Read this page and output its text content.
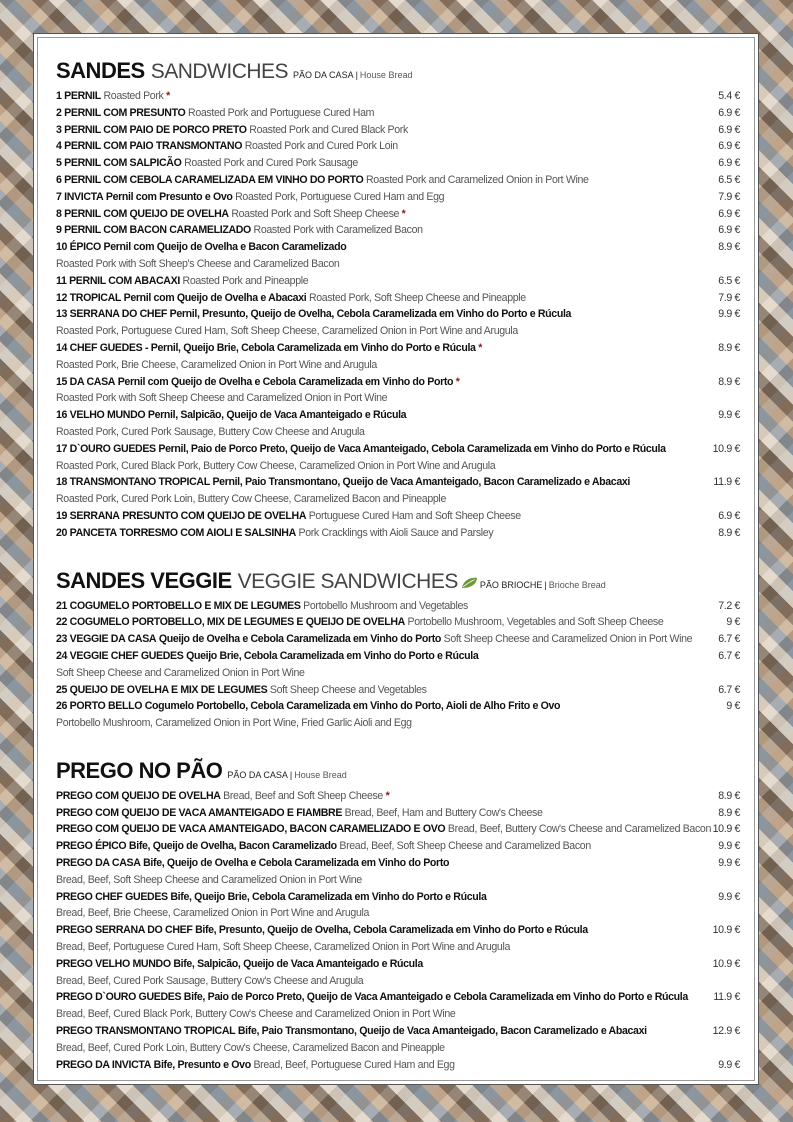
SANDES SANDWICHES PÃO DA CASA | House Bread
1 PERNIL Roasted Pork *	5.4 €
2 PERNIL COM PRESUNTO Roasted Pork and Portuguese Cured Ham	6.9 €
3 PERNIL COM PAIO DE PORCO PRETO Roasted Pork and Cured Black Pork	6.9 €
4 PERNIL COM PAIO TRANSMONTANO Roasted Pork and Cured Pork Loin	6.9 €
5 PERNIL COM SALPICÃO Roasted Pork and Cured Pork Sausage	6.9 €
6 PERNIL COM CEBOLA CARAMELIZADA EM VINHO DO PORTO Roasted Pork and Caramelized Onion in Port Wine	6.5 €
7 INVICTA Pernil com Presunto e Ovo Roasted Pork, Portuguese Cured Ham and Egg	7.9 €
8 PERNIL COM QUEIJO DE OVELHA Roasted Pork and Soft Sheep Cheese *	6.9 €
9 PERNIL COM BACON CARAMELIZADO Roasted Pork with Caramelized Bacon	6.9 €
10 ÉPICO Pernil com Queijo de Ovelha e Bacon Caramelizado	8.9 €
Roasted Pork with Soft Sheep's Cheese and Caramelized Bacon
11 PERNIL COM ABACAXI Roasted Pork and Pineapple	6.5 €
12 TROPICAL Pernil com Queijo de Ovelha e Abacaxi Roasted Pork, Soft Sheep Cheese and Pineapple	7.9 €
13 SERRANA DO CHEF Pernil, Presunto, Queijo de Ovelha, Cebola Caramelizada em Vinho do Porto e Rúcula	9.9 €
Roasted Pork, Portuguese Cured Ham, Soft Sheep Cheese, Caramelized Onion in Port Wine and Arugula
14 CHEF GUEDES - Pernil, Queijo Brie, Cebola Caramelizada em Vinho do Porto e Rúcula *	8.9 €
Roasted Pork, Brie Cheese, Caramelized Onion in Port Wine and Arugula
15 DA CASA Pernil com Queijo de Ovelha e Cebola Caramelizada em Vinho do Porto *	8.9 €
Roasted Pork with Soft Sheep Cheese and Caramelized Onion in Port Wine
16 VELHO MUNDO Pernil, Salpicão, Queijo de Vaca Amanteigado e Rúcula	9.9 €
Roasted Pork, Cured Pork Sausage, Buttery Cow Cheese and Arugula
17 D`OURO GUEDES Pernil, Paio de Porco Preto, Queijo de Vaca Amanteigado, Cebola Caramelizada em Vinho do Porto e Rúcula	10.9 €
Roasted Pork, Cured Black Pork, Buttery Cow Cheese, Caramelized Onion in Port Wine and Arugula
18 TRANSMONTANO TROPICAL Pernil, Paio Transmontano, Queijo de Vaca Amanteigado, Bacon Caramelizado e Abacaxi	11.9 €
Roasted Pork, Cured Pork Loin, Buttery Cow Cheese, Caramelized Bacon and Pineapple
19 SERRANA PRESUNTO COM QUEIJO DE OVELHA Portuguese Cured Ham and Soft Sheep Cheese	6.9 €
20 PANCETA TORRESMO COM AIOLI E SALSINHA Pork Cracklings with Aioli Sauce and Parsley	8.9 €
SANDES VEGGIE VEGGIE SANDWICHES PÃO BRIOCHE | Brioche Bread
21 COGUMELO PORTOBELLO E MIX DE LEGUMES Portobello Mushroom and Vegetables	7.2 €
22 COGUMELO PORTOBELLO, MIX DE LEGUMES E QUEIJO DE OVELHA Portobello Mushroom, Vegetables and Soft Sheep Cheese	9 €
23 VEGGIE DA CASA Queijo de Ovelha e Cebola Caramelizada em Vinho do Porto Soft Sheep Cheese and Caramelized Onion in Port Wine	6.7 €
24 VEGGIE CHEF GUEDES Queijo Brie, Cebola Caramelizada em Vinho do Porto e Rúcula	6.7 €
Soft Sheep Cheese and Caramelized Onion in Port Wine
25 QUEIJO DE OVELHA E MIX DE LEGUMES Soft Sheep Cheese and Vegetables	6.7 €
26 PORTO BELLO Cogumelo Portobello, Cebola Caramelizada em Vinho do Porto, Aioli de Alho Frito e Ovo	9 €
Portobello Mushroom, Caramelized Onion in Port Wine, Fried Garlic Aioli and Egg
PREGO NO PÃO PÃO DA CASA | House Bread
PREGO COM QUEIJO DE OVELHA Bread, Beef and Soft Sheep Cheese *	8.9 €
PREGO COM QUEIJO DE VACA AMANTEIGADO E FIAMBRE Bread, Beef, Ham and Buttery Cow's Cheese	8.9 €
PREGO COM QUEIJO DE VACA AMANTEIGADO, BACON CARAMELIZADO E OVO Bread, Beef, Buttery Cow's Cheese and Caramelized Bacon 10.9 €
PREGO ÉPICO Bife, Queijo de Ovelha, Bacon Caramelizado Bread, Beef, Soft Sheep Cheese and Caramelized Bacon	9.9 €
PREGO DA CASA Bife, Queijo de Ovelha e Cebola Caramelizada em Vinho do Porto	9.9 €
Bread, Beef, Soft Sheep Cheese and Caramelized Onion in Port Wine
PREGO CHEF GUEDES Bife, Queijo Brie, Cebola Caramelizada em Vinho do Porto e Rúcula	9.9 €
Bread, Beef, Brie Cheese, Caramelized Onion in Port Wine and Arugula
PREGO SERRANA DO CHEF Bife, Presunto, Queijo de Ovelha, Cebola Caramelizada em Vinho do Porto e Rúcula	10.9 €
Bread, Beef, Portuguese Cured Ham, Soft Sheep Cheese, Caramelized Onion in Port Wine and Arugula
PREGO VELHO MUNDO Bife, Salpicão, Queijo de Vaca Amanteigado e Rúcula	10.9 €
Bread, Beef, Cured Pork Sausage, Buttery Cow's Cheese and Arugula
PREGO D`OURO GUEDES Bife, Paio de Porco Preto, Queijo de Vaca Amanteigado e Cebola Caramelizada em Vinho do Porto e Rúcula	11.9 €
Bread, Beef, Cured Black Pork, Buttery Cow's Cheese and Caramelized Onion in Port Wine
PREGO TRANSMONTANO TROPICAL Bife, Paio Transmontano, Queijo de Vaca Amanteigado, Bacon Caramelizado e Abacaxi	12.9 €
Bread, Beef, Cured Pork Loin, Buttery Cow's Cheese, Caramelized Bacon and Pineapple
PREGO DA INVICTA Bife, Presunto e Ovo Bread, Beef, Portuguese Cured Ham and Egg	9.9 €
